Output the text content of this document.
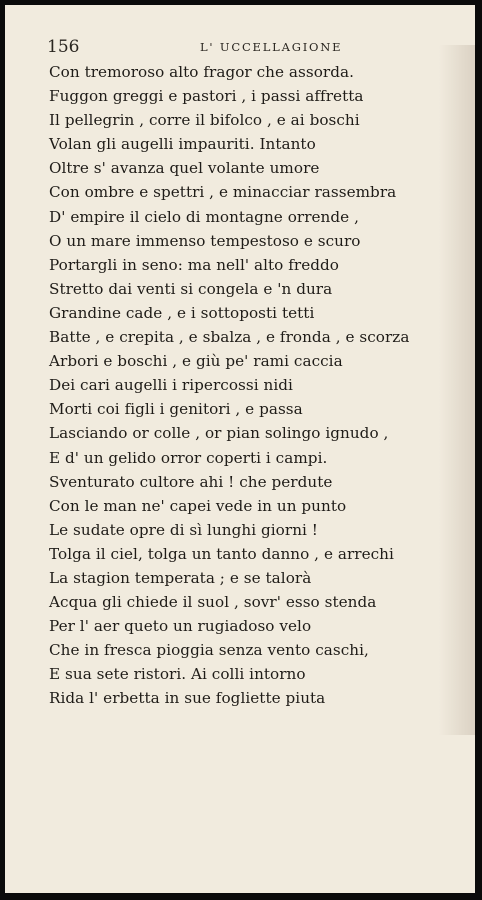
156	L' UCCELLAGIONE
Con tremoroso alto fragor che assorda.
Fuggon greggi e pastori , i passi affretta
Il pellegrin , corre il bifolco , e ai boschi
Volan gli augelli impauriti. Intanto
Oltre s' avanza quel volante umore
Con ombre e spettri , e minacciar rassembra
D' empire il cielo di montagne orrende ,
O un mare immenso tempestoso e scuro
Portargli in seno: ma nell' alto freddo
Stretto dai venti si congela e 'n dura
Grandine cade , e i sottoposti tetti
Batte , e crepita , e sbalza , e fronda , e scorza
Arbori e boschi , e giù pe' rami caccia
Dei cari augelli i ripercossi nidi
Morti coi figli i genitori , e passa
Lasciando or colle , or pian solingo ignudo ,
E d' un gelido orror coperti i campi.
Sventurato cultore ahi ! che perdute
Con le man ne' capei vede in un punto
Le sudate opre di sì lunghi giorni !
Tolga il ciel, tolga un tanto danno , e arrechi
La stagion temperata ; e se talorà
Acqua gli chiede il suol , sovr' esso stenda
Per l' aer queto un rugiadoso velo
Che in fresca pioggia senza vento caschi,
E sua sete ristori. Ai colli intorno
Rida l' erbetta in sue fogliette piuta
